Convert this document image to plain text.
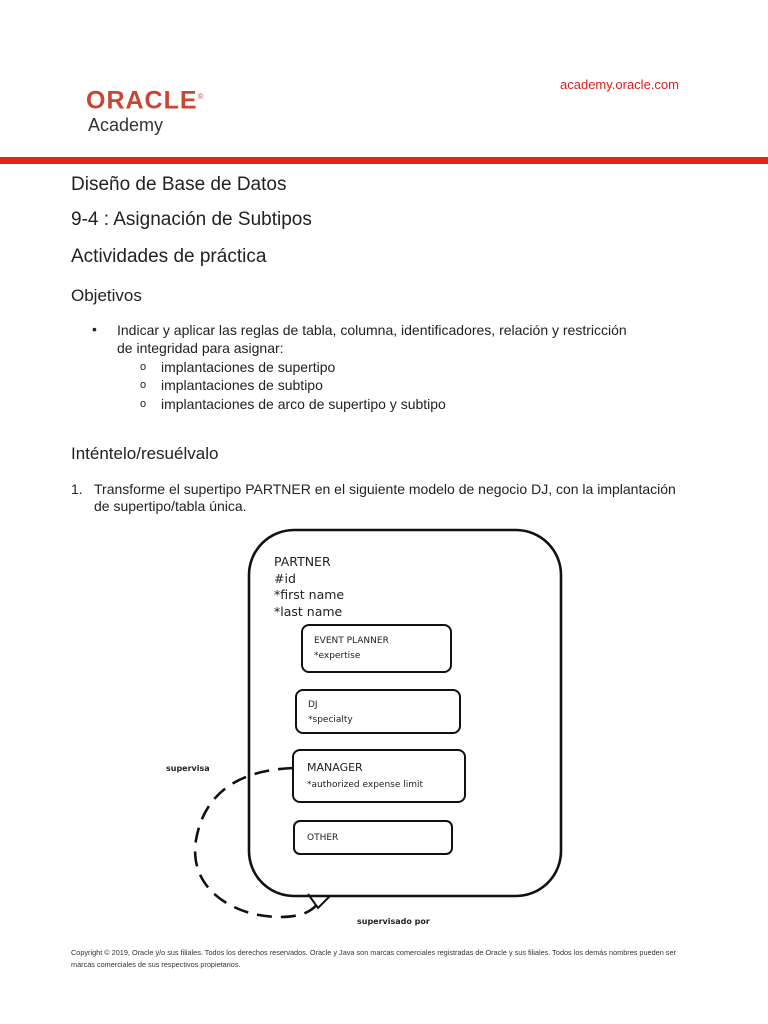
ORACLE®
Academy
academy.oracle.com
Diseño de Base de Datos
9-4 : Asignación de Subtipos
Actividades de práctica
Objetivos
• Indicar y aplicar las reglas de tabla, columna, identificadores, relación y restricción
de integridad para asignar:
o implantaciones de supertipo
o implantaciones de subtipo
o implantaciones de arco de supertipo y subtipo
Inténtelo/resuélvalo
1. Transforme el supertipo PARTNER en el siguiente modelo de negocio DJ, con la implantación
de supertipo/tabla única.
PARTNER
#id
*first name
*last name
EVENT PLANNER
*expertise
DJ
*specialty
MANAGER
*authorized expense limit
OTHER
supervisa
supervisado por
Copyright © 2019, Oracle y/o sus filiales. Todos los derechos reservados. Oracle y Java son marcas comerciales registradas de Oracle y sus filiales. Todos los demás nombres pueden ser
marcas comerciales de sus respectivos propietarios.
